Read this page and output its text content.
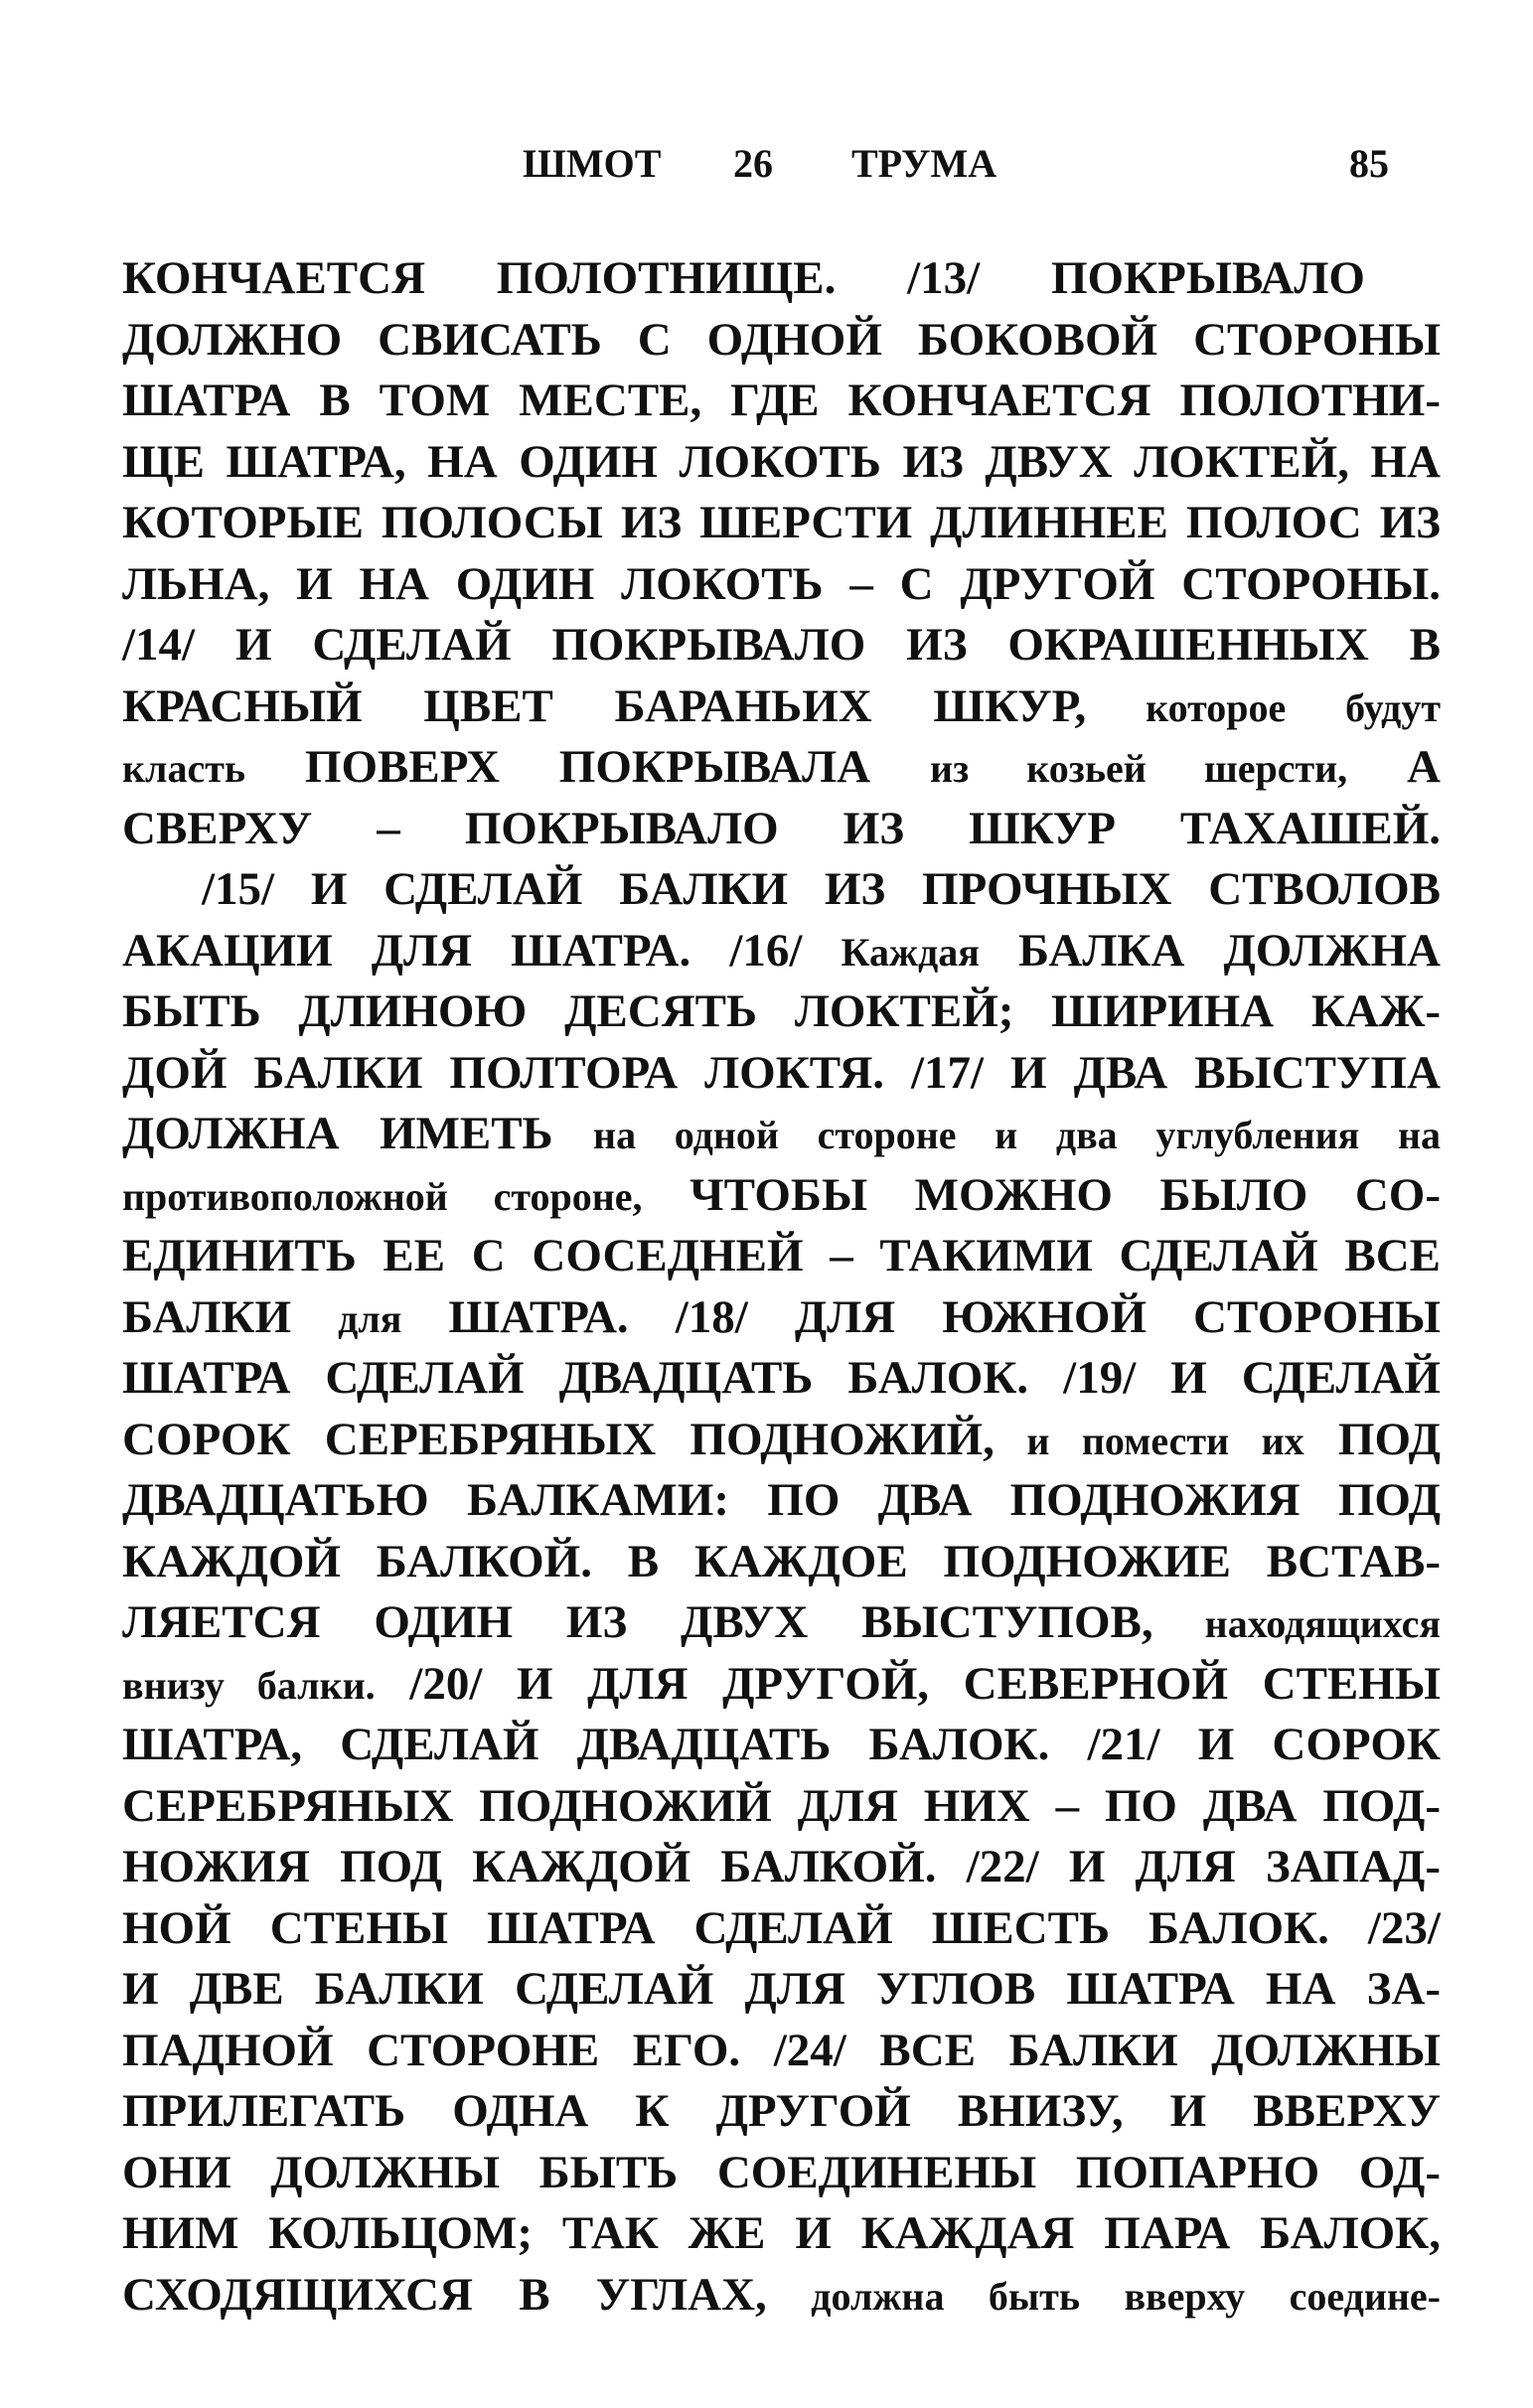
ШМОТ 26 ТРУМА	85
КОНЧАЕТСЯ ПОЛОТНИЩЕ. /13/ ПОКРЫВАЛО
ДОЛЖНО СВИСАТЬ С ОДНОЙ БОКОВОЙ СТОРОНЫ
ШАТРА В ТОМ МЕСТЕ, ГДЕ КОНЧАЕТСЯ ПОЛОТНИ-
ЩЕ ШАТРА, НА ОДИН ЛОКОТЬ ИЗ ДВУХ ЛОКТЕЙ, НА
КОТОРЫЕ ПОЛОСЫ ИЗ ШЕРСТИ ДЛИННЕЕ ПОЛОС ИЗ
ЛЬНА, И НА ОДИН ЛОКОТЬ – С ДРУГОЙ СТОРОНЫ.
/14/ И СДЕЛАЙ ПОКРЫВАЛО ИЗ ОКРАШЕННЫХ В
КРАСНЫЙ ЦВЕТ БАРАНЬИХ ШКУР, которое будут
класть ПОВЕРХ ПОКРЫВАЛА из козьей шерсти, А
СВЕРХУ – ПОКРЫВАЛО ИЗ ШКУР ТАХАШЕЙ.
/15/ И СДЕЛАЙ БАЛКИ ИЗ ПРОЧНЫХ СТВОЛОВ
АКАЦИИ ДЛЯ ШАТРА. /16/ Каждая БАЛКА ДОЛЖНА
БЫТЬ ДЛИНОЮ ДЕСЯТЬ ЛОКТЕЙ; ШИРИНА КАЖ-
ДОЙ БАЛКИ ПОЛТОРА ЛОКТЯ. /17/ И ДВА ВЫСТУПА
ДОЛЖНА ИМЕТЬ на одной стороне и два углубления на
противоположной стороне, ЧТОБЫ МОЖНО БЫЛО СО-
ЕДИНИТЬ ЕЕ С СОСЕДНЕЙ – ТАКИМИ СДЕЛАЙ ВСЕ
БАЛКИ для ШАТРА. /18/ ДЛЯ ЮЖНОЙ СТОРОНЫ
ШАТРА СДЕЛАЙ ДВАДЦАТЬ БАЛОК. /19/ И СДЕЛАЙ
СОРОК СЕРЕБРЯНЫХ ПОДНОЖИЙ, и помести их ПОД
ДВАДЦАТЬЮ БАЛКАМИ: ПО ДВА ПОДНОЖИЯ ПОД
КАЖДОЙ БАЛКОЙ. В КАЖДОЕ ПОДНОЖИЕ ВСТАВ-
ЛЯЕТСЯ ОДИН ИЗ ДВУХ ВЫСТУПОВ, находящихся
внизу балки. /20/ И ДЛЯ ДРУГОЙ, СЕВЕРНОЙ СТЕНЫ
ШАТРА, СДЕЛАЙ ДВАДЦАТЬ БАЛОК. /21/ И СОРОК
СЕРЕБРЯНЫХ ПОДНОЖИЙ ДЛЯ НИХ – ПО ДВА ПОД-
НОЖИЯ ПОД КАЖДОЙ БАЛКОЙ. /22/ И ДЛЯ ЗАПАД-
НОЙ СТЕНЫ ШАТРА СДЕЛАЙ ШЕСТЬ БАЛОК. /23/
И ДВЕ БАЛКИ СДЕЛАЙ ДЛЯ УГЛОВ ШАТРА НА ЗА-
ПАДНОЙ СТОРОНЕ ЕГО. /24/ ВСЕ БАЛКИ ДОЛЖНЫ
ПРИЛЕГАТЬ ОДНА К ДРУГОЙ ВНИЗУ, И ВВЕРХУ
ОНИ ДОЛЖНЫ БЫТЬ СОЕДИНЕНЫ ПОПАРНО ОД-
НИМ КОЛЬЦОМ; ТАК ЖЕ И КАЖДАЯ ПАРА БАЛОК,
СХОДЯЩИХСЯ В УГЛАХ, должна быть вверху соедине-
